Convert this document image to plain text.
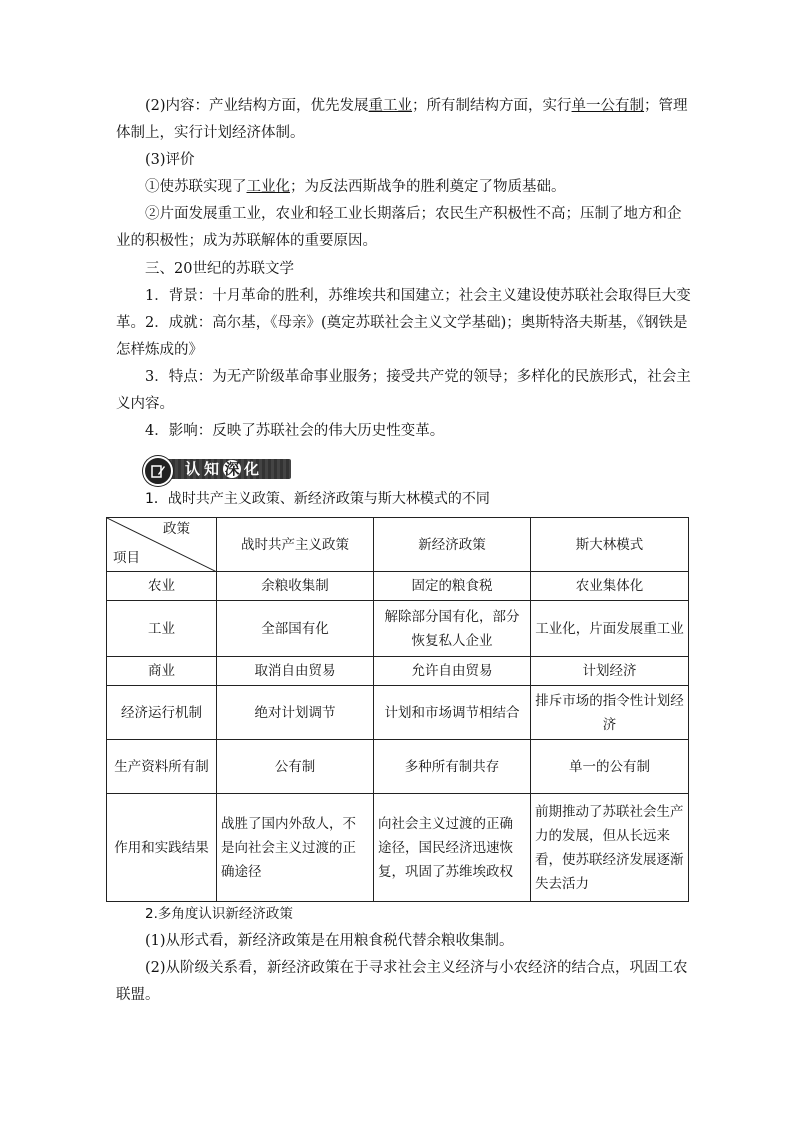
(2)内容：产业结构方面，优先发展重工业；所有制结构方面，实行单一公有制；管理体制上，实行计划经济体制。

(3)评价

①使苏联实现了工业化；为反法西斯战争的胜利奠定了物质基础。

②片面发展重工业，农业和轻工业长期落后；农民生产积极性不高；压制了地方和企业的积极性；成为苏联解体的重要原因。

三、20世纪的苏联文学

1．背景：十月革命的胜利，苏维埃共和国建立；社会主义建设使苏联社会取得巨大变革。 2．成就：高尔基，《母亲》(奠定苏联社会主义文学基础)；奥斯特洛夫斯基，《钢铁是怎样炼成的》

3．特点：为无产阶级革命事业服务；接受共产党的领导；多样化的民族形式，社会主义内容。

4．影响：反映了苏联社会的伟大历史性变革。

认知深 化

1．战时共产主义政策、新经济政策与斯大林模式的不同

政策
项目	战时共产主义政策	新经济政策	斯大林模式
农业	余粮收集制	固定的粮食税	农业集体化
工业	全部国有化	解除部分国有化，部分恢复私人企业	工业化，片面发展重工业
商业	取消自由贸易	允许自由贸易	计划经济
经济运行机制	绝对计划调节	计划和市场调节相结合	排斥市场的指令性计划经济
生产资料所有制	公有制	多种所有制共存	单一的公有制
作用和实践结果	战胜了国内外敌人，不是向社会主义过渡的正确途径	向社会主义过渡的正确途径，国民经济迅速恢复，巩固了苏维埃政权	前期推动了苏联社会生产力的发展，但从长远来看，使苏联经济发展逐渐失去活力

2.多角度认识新经济政策

(1)从形式看，新经济政策是在用粮食税代替余粮收集制。

(2)从阶级关系看，新经济政策在于寻求社会主义经济与小农经济的结合点，巩固工农联盟。
